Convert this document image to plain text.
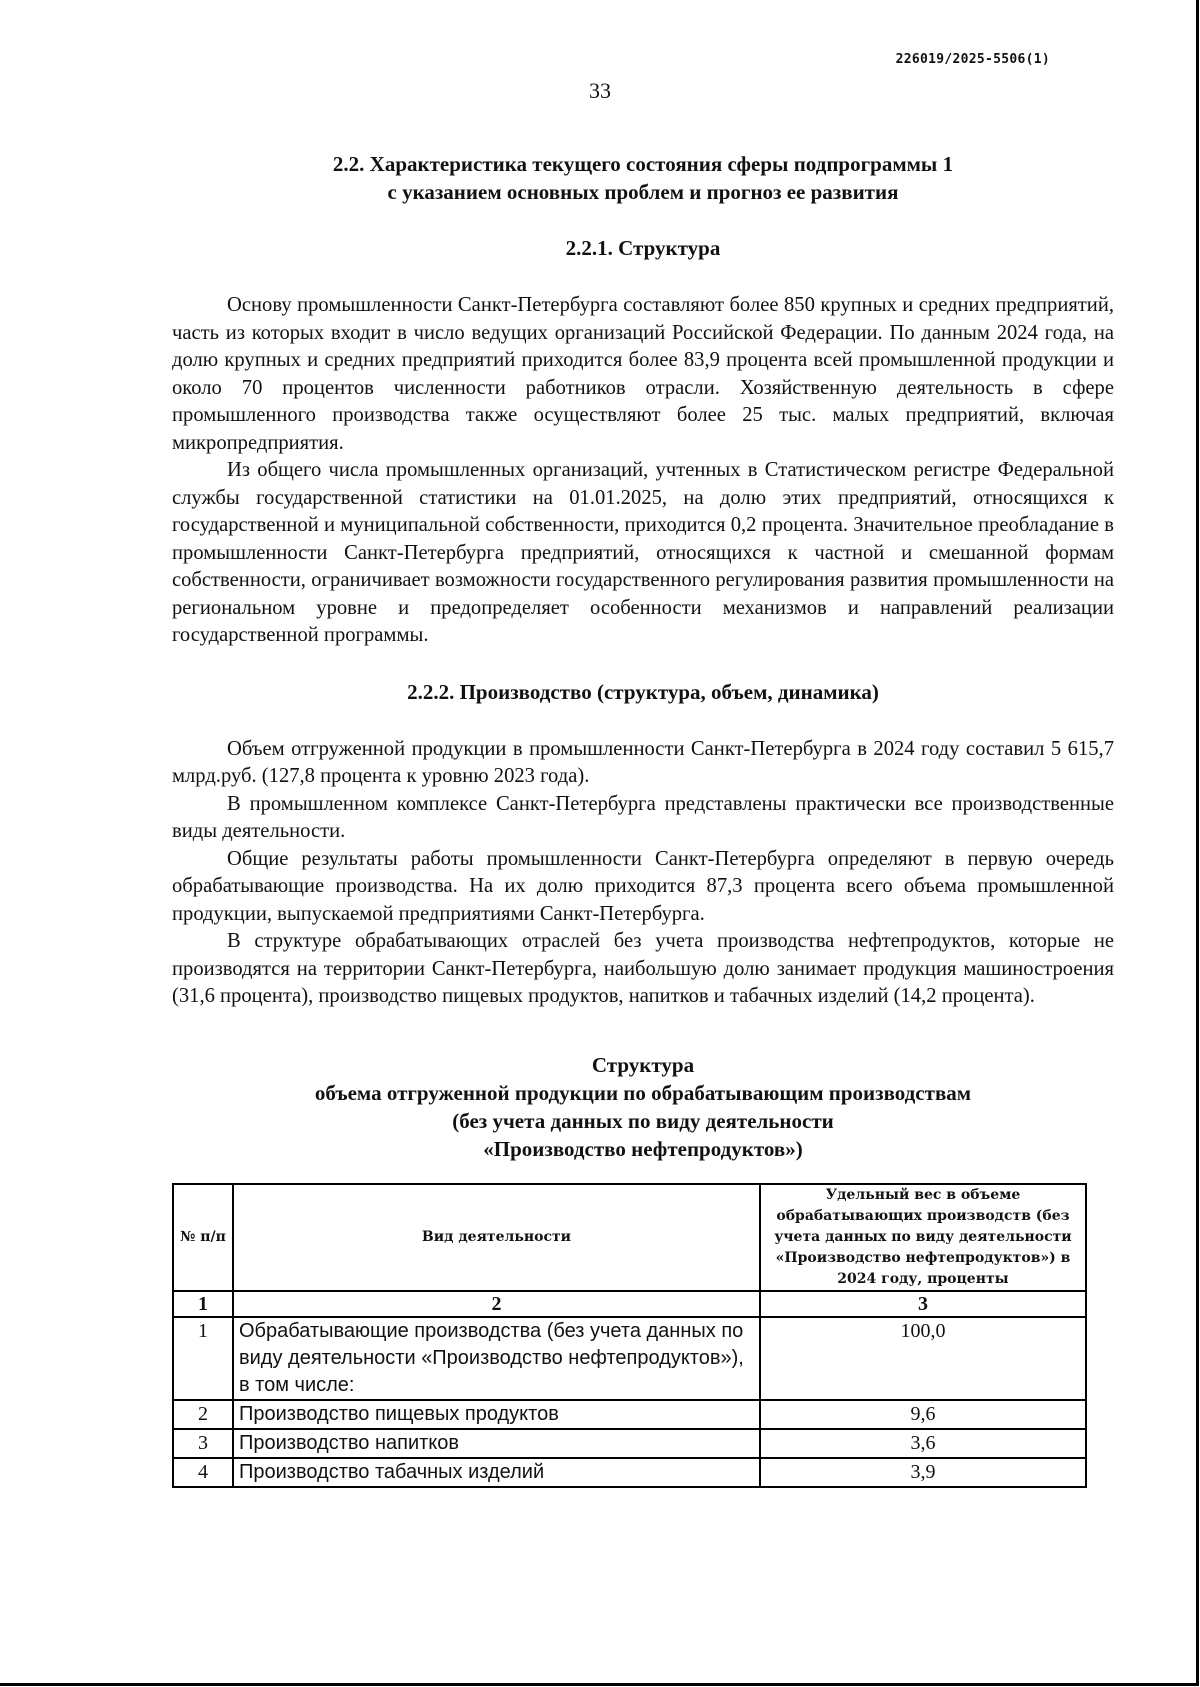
226019/2025-5506(1)
33
2.2. Характеристика текущего состояния сферы подпрограммы 1
с указанием основных проблем и прогноз ее развития
2.2.1. Структура

Основу промышленности Санкт-Петербурга составляют более 850 крупных и средних предприятий, часть из которых входит в число ведущих организаций Российской Федерации. По данным 2024 года, на долю крупных и средних предприятий приходится более 83,9 процента всей промышленной продукции и около 70 процентов численности работников отрасли. Хозяйственную деятельность в сфере промышленного производства также осуществляют более 25 тыс. малых предприятий, включая микропредприятия.

Из общего числа промышленных организаций, учтенных в Статистическом регистре Федеральной службы государственной статистики на 01.01.2025, на долю этих предприятий, относящихся к государственной и муниципальной собственности, приходится 0,2 процента. Значительное преобладание в промышленности Санкт-Петербурга предприятий, относящихся к частной и смешанной формам собственности, ограничивает возможности государственного регулирования развития промышленности на региональном уровне и предопределяет особенности механизмов и направлений реализации государственной программы.

2.2.2. Производство (структура, объем, динамика)

Объем отгруженной продукции в промышленности Санкт-Петербурга в 2024 году составил 5 615,7 млрд.руб. (127,8 процента к уровню 2023 года).

В промышленном комплексе Санкт-Петербурга представлены практически все производственные виды деятельности.

Общие результаты работы промышленности Санкт-Петербурга определяют в первую очередь обрабатывающие производства. На их долю приходится 87,3 процента всего объема промышленной продукции, выпускаемой предприятиями Санкт-Петербурга.

В структуре обрабатывающих отраслей без учета производства нефтепродуктов, которые не производятся на территории Санкт-Петербурга, наибольшую долю занимает продукция машиностроения (31,6 процента), производство пищевых продуктов, напитков и табачных изделий (14,2 процента).

Структура
объема отгруженной продукции по обрабатывающим производствам
(без учета данных по виду деятельности
«Производство нефтепродуктов»)
№ п/п	Вид деятельности	Удельный вес в объеме обрабатывающих производств (без учета данных по виду деятельности «Производство нефтепродуктов») в 2024 году, проценты
1	2	3
1	Обрабатывающие производства (без учета данных по виду деятельности «Производство нефтепродуктов»), в том числе:	100,0
2	Производство пищевых продуктов	9,6
3	Производство напитков	3,6
4	Производство табачных изделий	3,9
